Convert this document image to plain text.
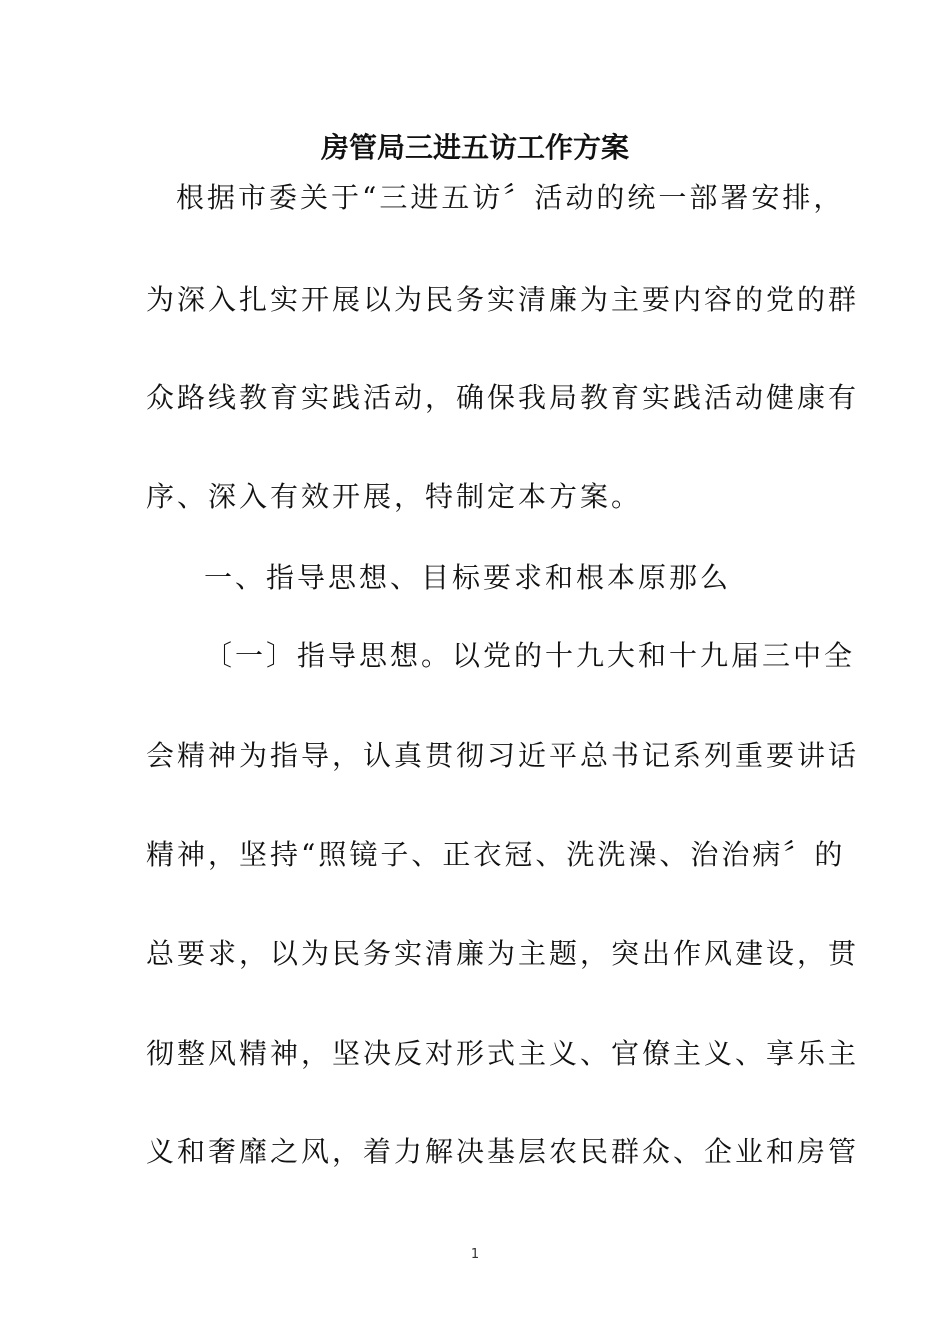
房管局三进五访工作方案
根据市委关于“三进五访〞活动的统一部署安排，
为深入扎实开展以为民务实清廉为主要内容的党的群
众路线教育实践活动，确保我局教育实践活动健康有
序、深入有效开展，特制定本方案。
一、指导思想、目标要求和根本原那么
〔一〕指导思想。以党的十九大和十九届三中全
会精神为指导，认真贯彻习近平总书记系列重要讲话
精神，坚持“照镜子、正衣冠、洗洗澡、治治病〞的
总要求，以为民务实清廉为主题，突出作风建设，贯
彻整风精神，坚决反对形式主义、官僚主义、享乐主
义和奢靡之风，着力解决基层农民群众、企业和房管
1
